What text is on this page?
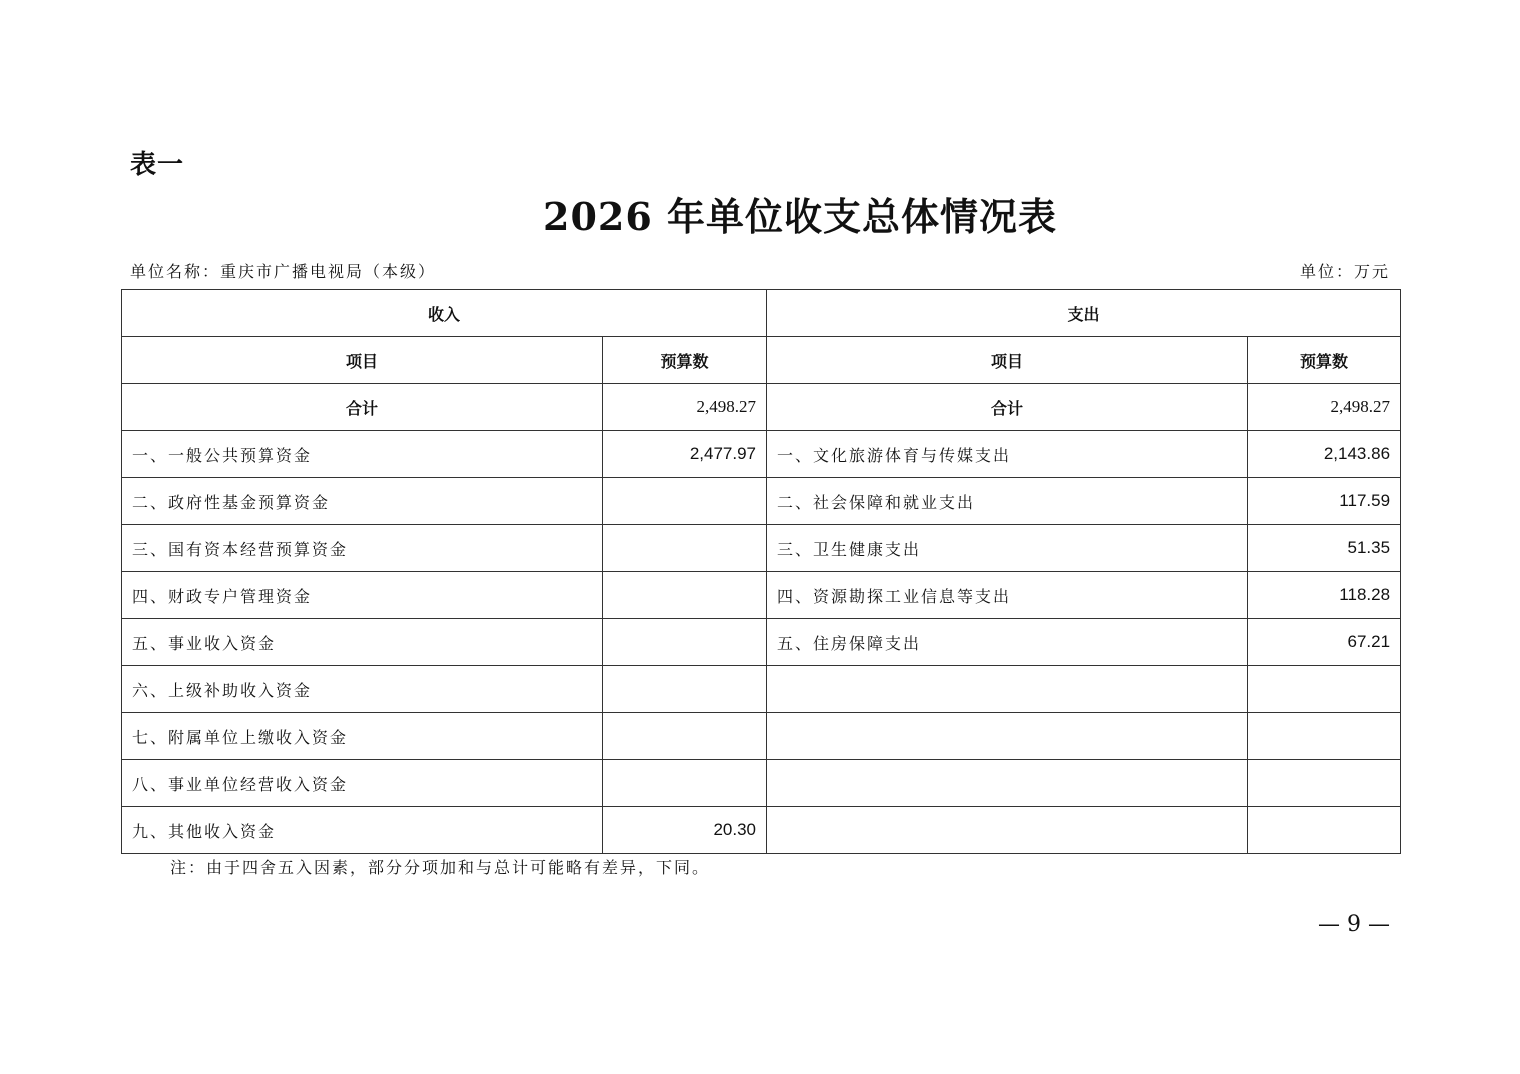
表一
2026 年单位收支总体情况表
单位名称：重庆市广播电视局（本级）	单位：万元
收入		支出	
项目	预算数	项目	预算数
合计	2,498.27	合计	2,498.27
一、一般公共预算资金	2,477.97	一、文化旅游体育与传媒支出	2,143.86
二、政府性基金预算资金		二、社会保障和就业支出	117.59
三、国有资本经营预算资金		三、卫生健康支出	51.35
四、财政专户管理资金		四、资源勘探工业信息等支出	118.28
五、事业收入资金		五、住房保障支出	67.21
六、上级补助收入资金			
七、附属单位上缴收入资金			
八、事业单位经营收入资金			
九、其他收入资金	20.30		
注：由于四舍五入因素，部分分项加和与总计可能略有差异，下同。
— 9 —
